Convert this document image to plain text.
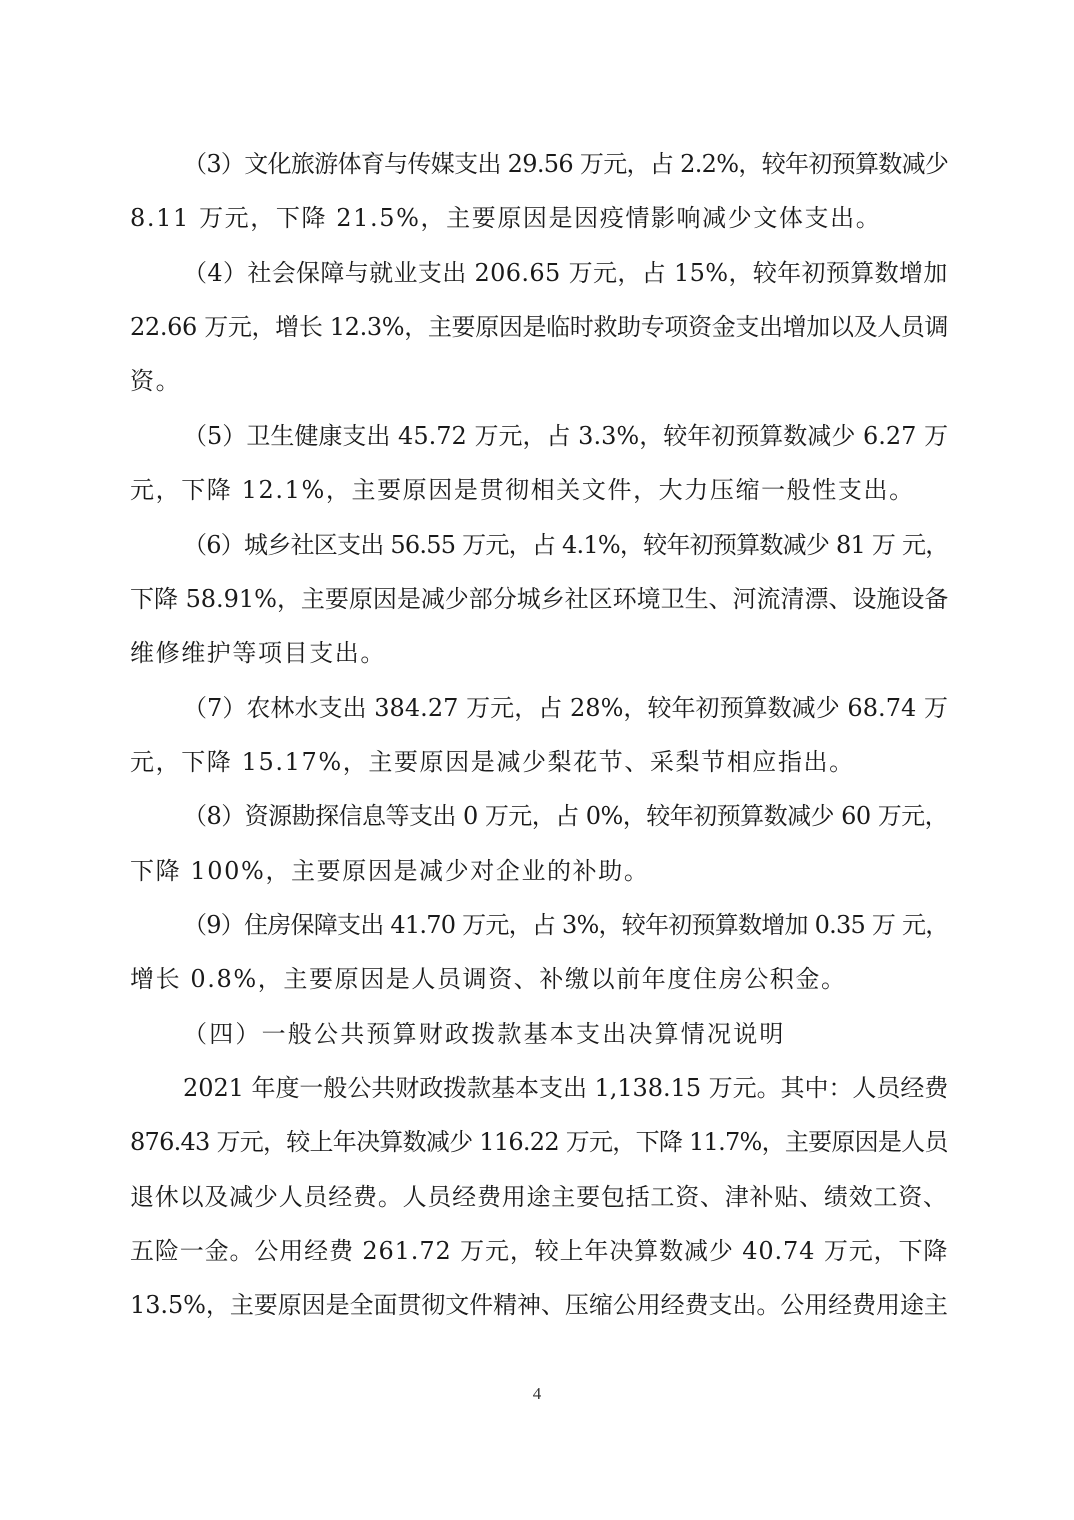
（3）文化旅游体育与传媒支出 29.56 万元，占 2.2%，较年初预算数减少
8.11 万元，下降 21.5%，主要原因是因疫情影响减少文体支出。
（4）社会保障与就业支出 206.65 万元，占 15%，较年初预算数增加
22.66 万元，增长 12.3%，主要原因是临时救助专项资金支出增加以及人员调
资。
（5）卫生健康支出 45.72 万元，占 3.3%，较年初预算数减少 6.27 万
元，下降 12.1%，主要原因是贯彻相关文件，大力压缩一般性支出。
（6）城乡社区支出 56.55 万元，占 4.1%，较年初预算数减少 81 万 元，
下降 58.91%，主要原因是减少部分城乡社区环境卫生、河流清漂、设施设备
维修维护等项目支出。
（7）农林水支出 384.27 万元，占 28%，较年初预算数减少 68.74 万
元，下降 15.17%，主要原因是减少梨花节、采梨节相应指出。
（8）资源勘探信息等支出 0 万元，占 0%，较年初预算数减少 60 万元，
下降 100%，主要原因是减少对企业的补助。
（9）住房保障支出 41.70 万元，占 3%，较年初预算数增加 0.35 万 元，
增长 0.8%，主要原因是人员调资、补缴以前年度住房公积金。
（四）一般公共预算财政拨款基本支出决算情况说明
2021 年度一般公共财政拨款基本支出 1,138.15 万元。其中：人员经费
876.43 万元，较上年决算数减少 116.22 万元，下降 11.7%，主要原因是人员
退休以及减少人员经费。人员经费用途主要包括工资、津补贴、绩效工资、
五险一金。公用经费 261.72 万元，较上年决算数减少 40.74 万元，下降
13.5%，主要原因是全面贯彻文件精神、压缩公用经费支出。公用经费用途主
4
